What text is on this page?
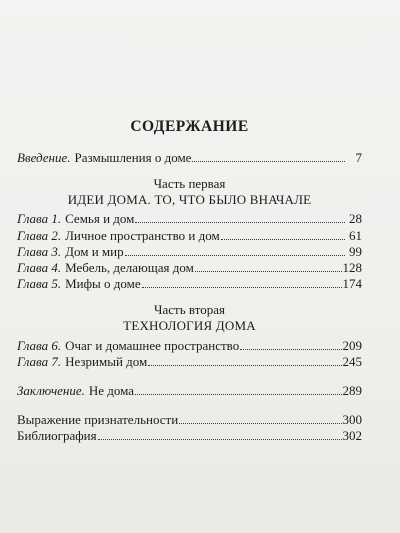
СОДЕРЖАНИЕ
Введение. Размышления о доме	7
Часть первая
ИДЕИ ДОМА. ТО, ЧТО БЫЛО ВНАЧАЛЕ
Глава 1. Семья и дом	28
Глава 2. Личное пространство и дом	61
Глава 3. Дом и мир	99
Глава 4. Мебель, делающая дом	128
Глава 5. Мифы о доме	174
Часть вторая
ТЕХНОЛОГИЯ ДОМА
Глава 6. Очаг и домашнее пространство	209
Глава 7. Незримый дом	245
Заключение. Не дома	289
Выражение признательности	300
Библиография	302
